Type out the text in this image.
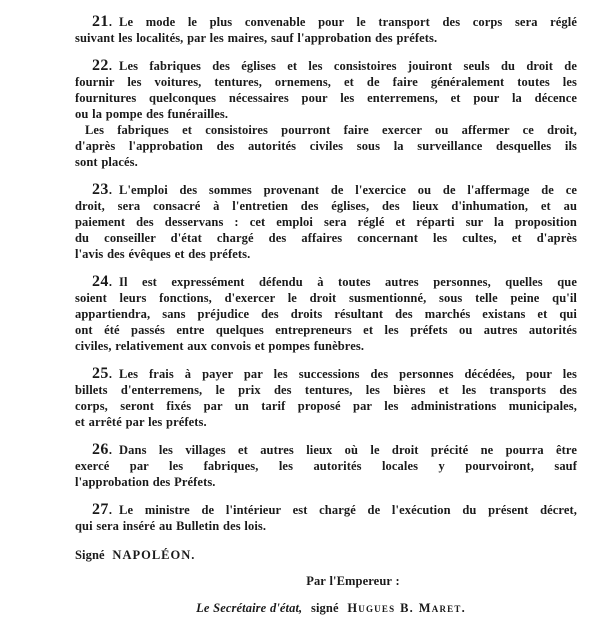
21. Le mode le plus convenable pour le transport des corps sera réglé
suivant les localités, par les maires, sauf l'approbation des préfets.

22. Les fabriques des églises et les consistoires jouiront seuls du droit de
fournir les voitures, tentures, ornemens, et de faire généralement toutes les
fournitures quelconques nécessaires pour les enterremens, et pour la décence
ou la pompe des funérailles.

Les fabriques et consistoires pourront faire exercer ou affermer ce droit,
d'après l'approbation des autorités civiles sous la surveillance desquelles ils
sont placés.

23. L'emploi des sommes provenant de l'exercice ou de l'affermage de ce
droit, sera consacré à l'entretien des églises, des lieux d'inhumation, et au
paiement des desservans : cet emploi sera réglé et réparti sur la proposition
du conseiller d'état chargé des affaires concernant les cultes, et d'après
l'avis des évêques et des préfets.

24. Il est expressément défendu à toutes autres personnes, quelles que
soient leurs fonctions, d'exercer le droit susmentionné, sous telle peine qu'il
appartiendra, sans préjudice des droits résultant des marchés existans et qui
ont été passés entre quelques entrepreneurs et les préfets ou autres autorités
civiles, relativement aux convois et pompes funèbres.

25. Les frais à payer par les successions des personnes décédées, pour les
billets d'enterremens, le prix des tentures, les bières et les transports des
corps, seront fixés par un tarif proposé par les administrations municipales,
et arrêté par les préfets.

26. Dans les villages et autres lieux où le droit précité ne pourra être
exercé par les fabriques, les autorités locales y pourvoiront, sauf
l'approbation des Préfets.

27. Le ministre de l'intérieur est chargé de l'exécution du présent décret,
qui sera inséré au Bulletin des lois.

Signé NAPOLÉON.

Par l'Empereur :

Le Secrétaire d'état, signé Hugues B. Maret.
